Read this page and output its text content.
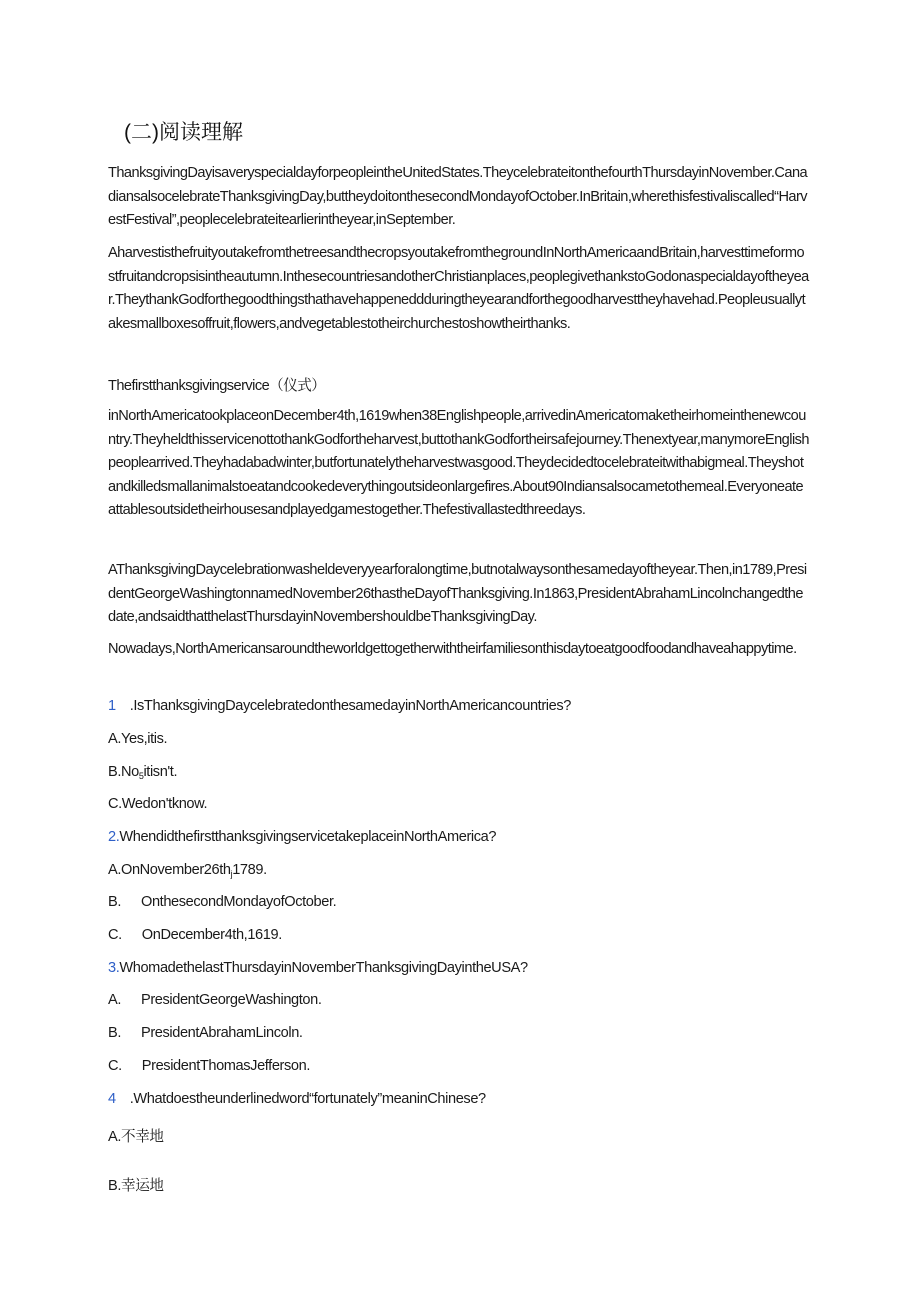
(二)阅读理解

ThanksgivingDayisaveryspecialdayforpeopleintheUnitedStates.TheycelebrateitonthefourthThursdayinNovember.CanadiansalsocelebrateThanksgivingDay,buttheydoitonthesecondMondayofOctober.InBritain,wherethisfestivaliscalled“HarvestFestival”,peoplecelebrateitearlierintheyear,inSeptember.

AharvestisthefruityoutakefromthetreesandthecropsyoutakefromthegroundInNorthAmericaandBritain,harvesttimeformostfruitandcropsisintheautumn.InthesecountriesandotherChristianplaces,peoplegivethankstoGodonaspecialdayoftheyear.TheythankGodforthegoodthingsthathavehappeneddduringtheyearandforthegoodharvesttheyhavehad.Peopleusuallytakesmallboxesoffruit,flowers,andvegetablestotheirchurchestoshowtheirthanks.

Thefirstthanksgivingservice（仪式）

inNorthAmericatookplaceonDecember4th,1619when38Englishpeople,arrivedinAmericatomaketheirhomeinthenewcountry.TheyheldthisservicenottothankGodfortheharvest,buttothankGodfortheirsafejourney.Thenextyear,manymoreEnglishpeoplearrived.Theyhadabadwinter,butfortunatelytheharvestwasgood.Theydecidedtocelebrateitwithabigmeal.Theyshotandkilledsmallanimalstoeatandcookedeverythingoutsideonlargefires.About90Indiansalsocametothemeal.Everyoneateattablesoutsidetheirhousesandplayedgamestogether.Thefestivallastedthreedays.

AThanksgivingDaycelebrationwasheldeveryyearforalongtime,butnotalwaysonthesamedayoftheyear.Then,in1789,PresidentGeorgeWashingtonnamedNovember26thastheDayofThanksgiving.In1863,PresidentAbrahamLincolnchangedthedate,andsaidthatthelastThursdayinNovembershouldbeThanksgivingDay.

Nowadays,NorthAmericansaroundtheworldgettogetherwiththeirfamiliesonthisdaytoeatgoodfoodandhaveahappytime.

1 .IsThanksgivingDaycelebratedonthesamedayinNorthAmericancountries?
A.Yes,itis.
$B.No_5itisn't$.
C.Wedon'tknow.
2.WhendidthefirstthanksgivingservicetakeplaceinNorthAmerica?
$A.OnNovember26th_j1789$.
B. OnthesecondMondayofOctober.
C. OnDecember4th,1619.
3.WhomadethelastThursdayinNovemberThanksgivingDayintheUSA?
A. PresidentGeorgeWashington.
B. PresidentAbrahamLincoln.
C. PresidentThomasJefferson.
4 .Whatdoestheunderlinedword“fortunately”meaninChinese?
A.不幸地
B.幸运地
